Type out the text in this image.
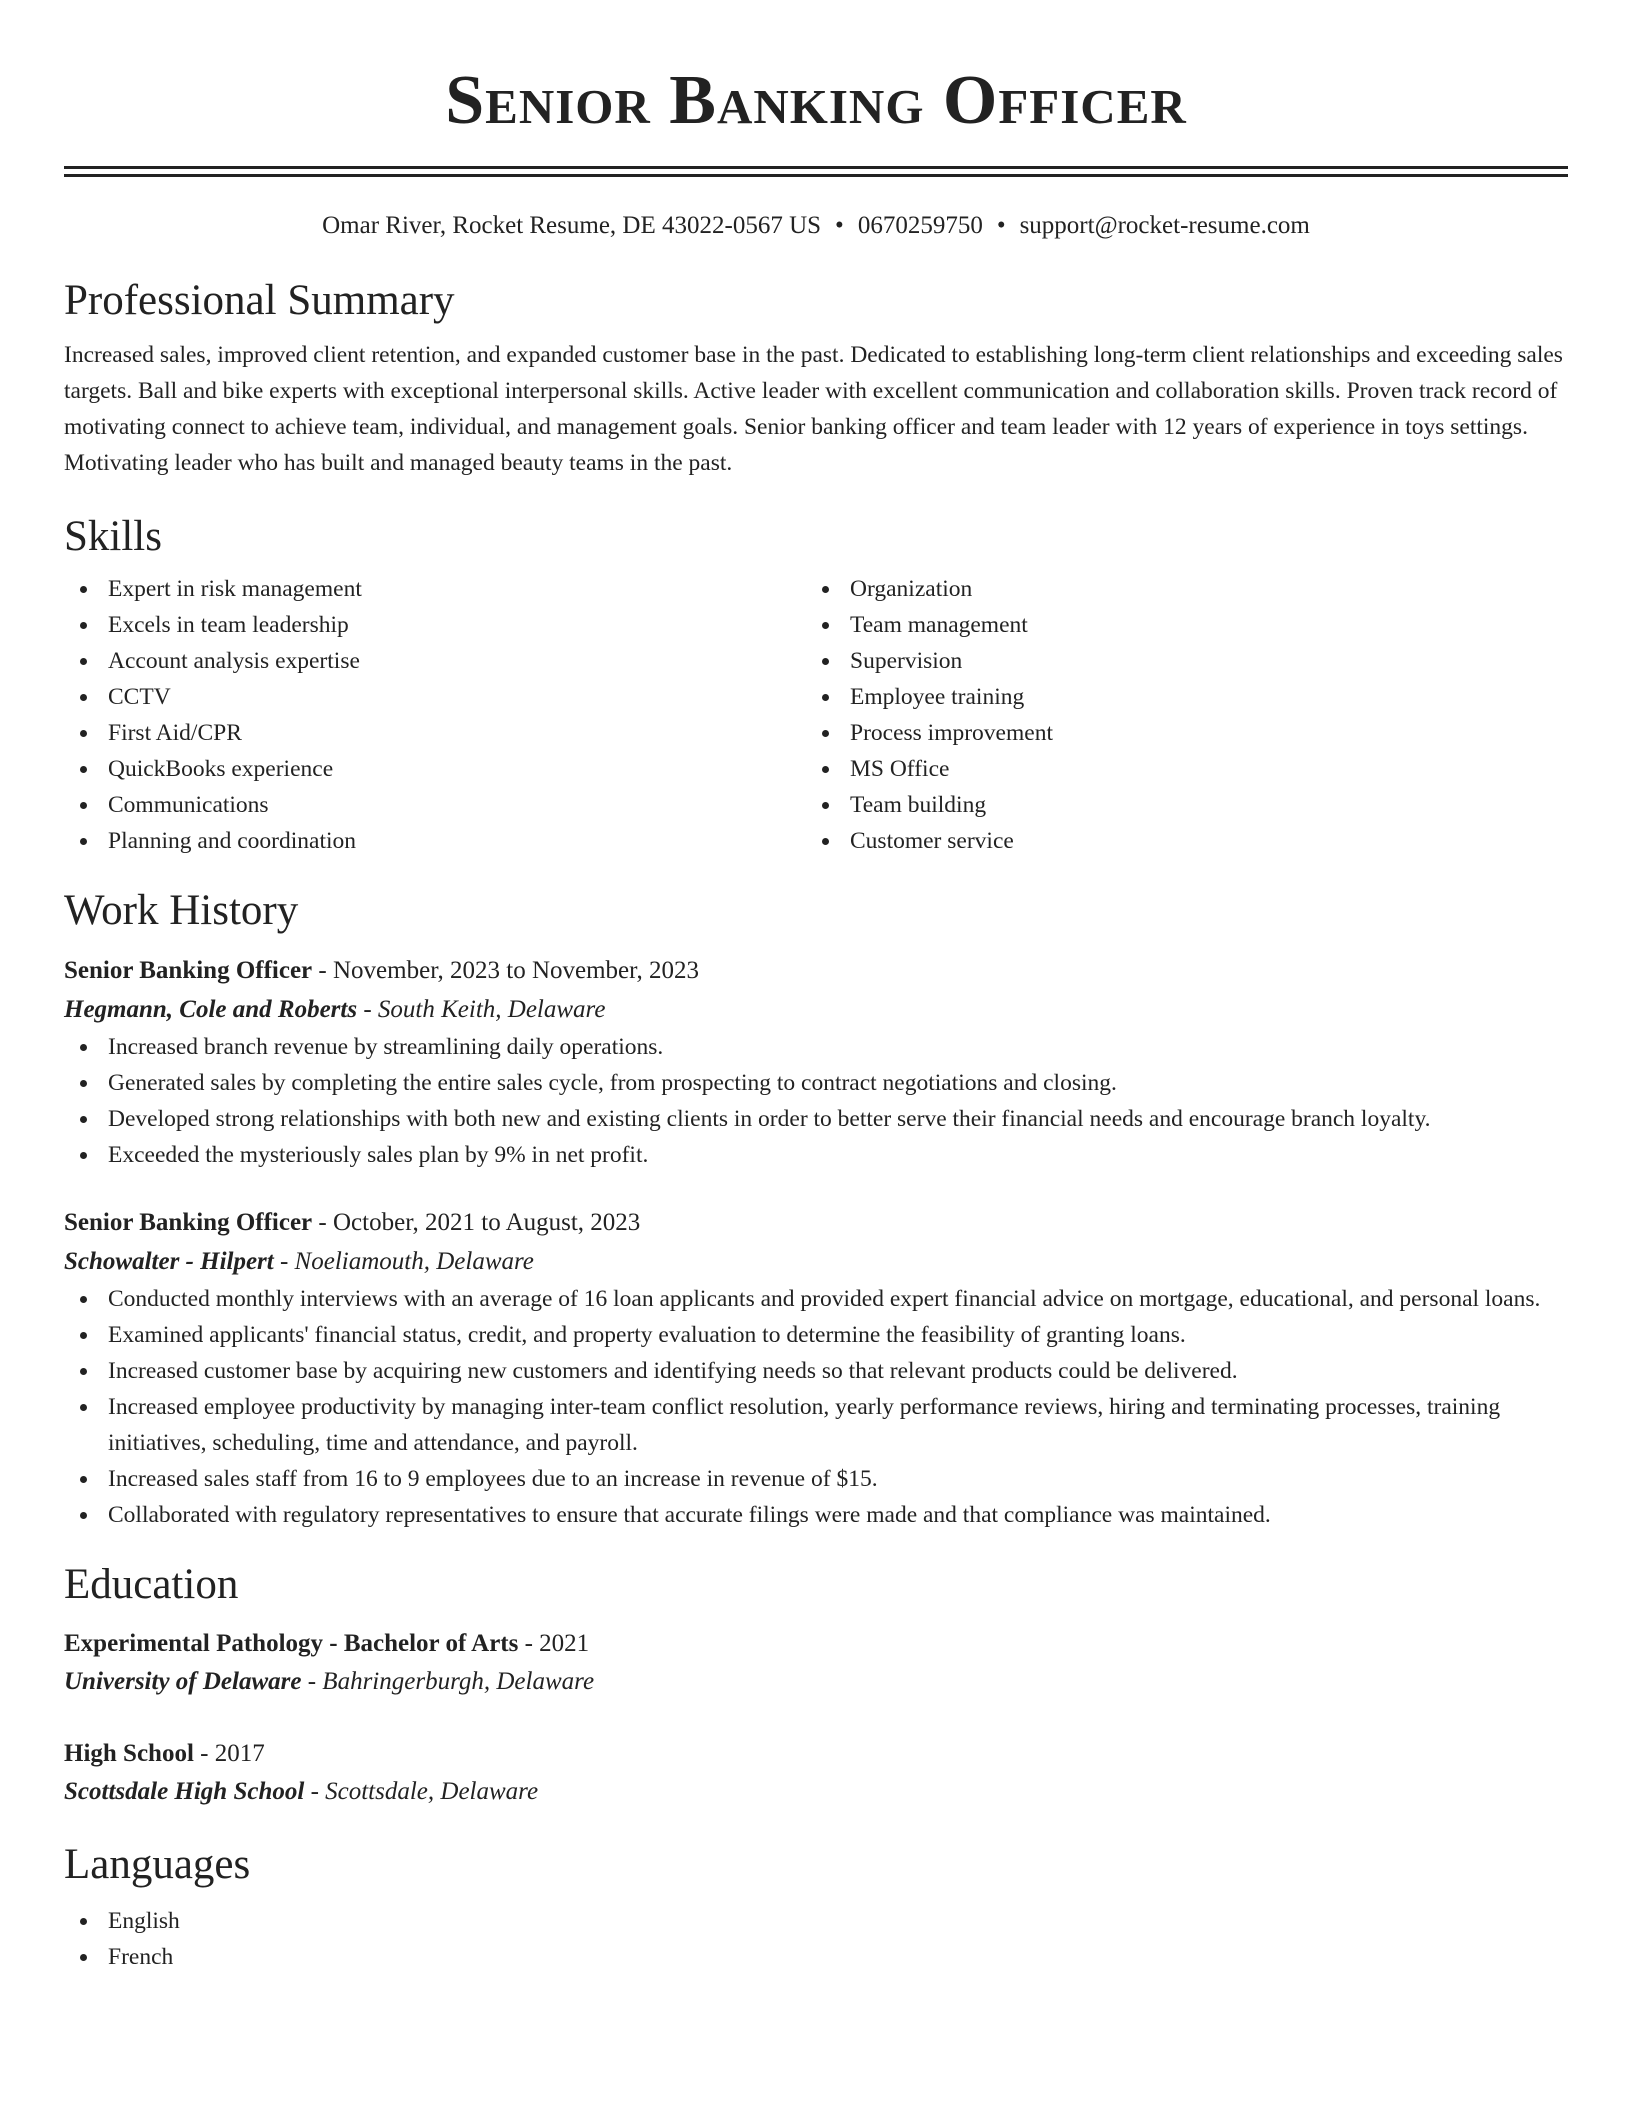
Senior Banking Officer
Omar River, Rocket Resume, DE 43022-0567 US • 0670259750 • support@rocket-resume.com
Professional Summary

Increased sales, improved client retention, and expanded customer base in the past. Dedicated to establishing long-term client relationships and exceeding sales targets. Ball and bike experts with exceptional interpersonal skills. Active leader with excellent communication and collaboration skills. Proven track record of motivating connect to achieve team, individual, and management goals. Senior banking officer and team leader with 12 years of experience in toys settings. Motivating leader who has built and managed beauty teams in the past.

Skills
Expert in risk management
Excels in team leadership
Account analysis expertise
CCTV
First Aid/CPR
QuickBooks experience
Communications
Planning and coordination
Organization
Team management
Supervision
Employee training
Process improvement
MS Office
Team building
Customer service
Work History
Senior Banking Officer - November, 2023 to November, 2023
Hegmann, Cole and Roberts - South Keith, Delaware
Increased branch revenue by streamlining daily operations.
Generated sales by completing the entire sales cycle, from prospecting to contract negotiations and closing.
Developed strong relationships with both new and existing clients in order to better serve their financial needs and encourage branch loyalty.
Exceeded the mysteriously sales plan by 9% in net profit.
Senior Banking Officer - October, 2021 to August, 2023
Schowalter - Hilpert - Noeliamouth, Delaware
Conducted monthly interviews with an average of 16 loan applicants and provided expert financial advice on mortgage, educational, and personal loans.
Examined applicants' financial status, credit, and property evaluation to determine the feasibility of granting loans.
Increased customer base by acquiring new customers and identifying needs so that relevant products could be delivered.
Increased employee productivity by managing inter-team conflict resolution, yearly performance reviews, hiring and terminating processes, training initiatives, scheduling, time and attendance, and payroll.
Increased sales staff from 16 to 9 employees due to an increase in revenue of $15.
Collaborated with regulatory representatives to ensure that accurate filings were made and that compliance was maintained.
Education
Experimental Pathology - Bachelor of Arts - 2021
University of Delaware - Bahringerburgh, Delaware
High School - 2017
Scottsdale High School - Scottsdale, Delaware
Languages
English
French
